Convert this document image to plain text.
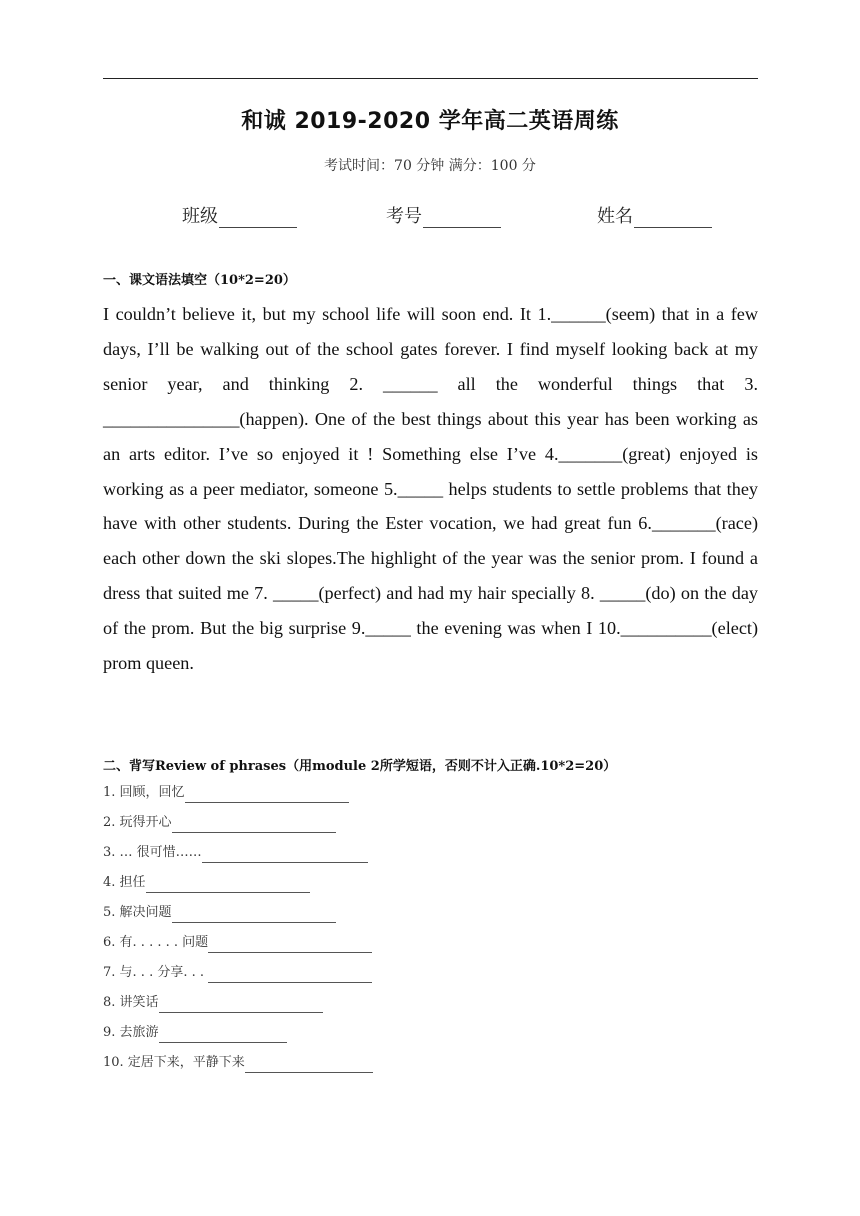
和诚 2019-2020 学年高二英语周练
考试时间：70 分钟 满分：100 分
班级	考号	姓名
一、课文语法填空（10*2=20）
I couldn’t believe it, but my school life will soon end. It 1.______(seem) that in a few days, I’ll be walking out of the school gates forever. I find myself looking back at my senior year, and thinking 2. ______ all the wonderful things that 3. _______________(happen). One of the best things about this year has been working as an arts editor. I’ve so enjoyed it ! Something else I’ve 4._______(great) enjoyed is working as a peer mediator, someone 5._____ helps students to settle problems that they have with other students. During the Ester vocation, we had great fun 6._______(race) each other down the ski slopes.The highlight of the year was the senior prom. I found a dress that suited me 7. _____(perfect) and had my hair specially 8. _____(do) on the day of the prom. But the big surprise 9._____ the evening was when I 10.__________(elect) prom queen.
二、背写Review of phrases（用module 2所学短语，否则不计入正确.10*2=20）
1. 回顾，回忆
2. 玩得开心
3. … 很可惜……
4. 担任
5. 解决问题
6. 有. . . . . . 问题
7. 与. . . 分享. . .
8. 讲笑话
9. 去旅游
10. 定居下来，平静下来
